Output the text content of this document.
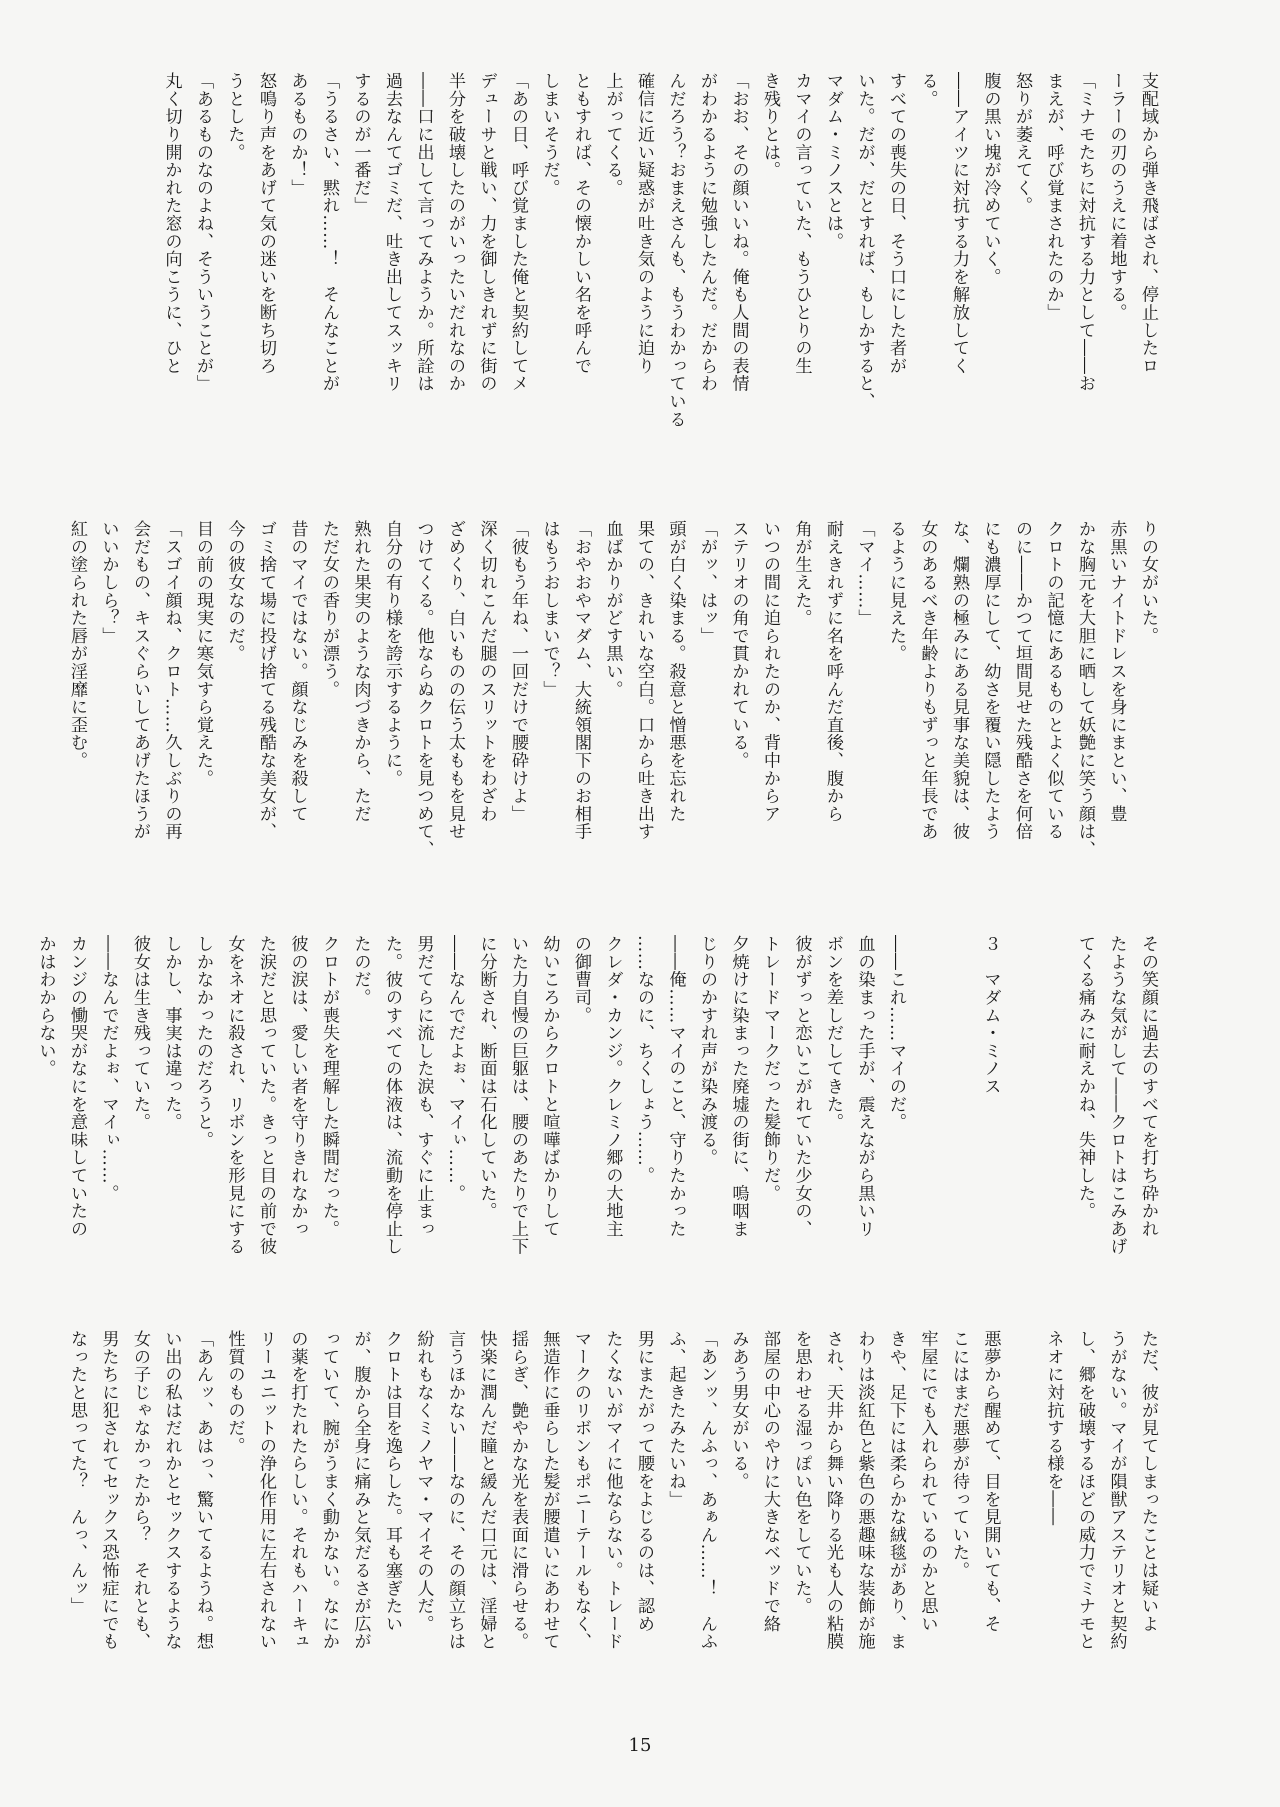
支配域から弾き飛ばされ、停止したロ
ーラーの刃のうえに着地する。
「ミナモたちに対抗する力として――お
まえが、呼び覚まされたのか」
怒りが萎えてく。
腹の黒い塊が冷めていく。
――アイツに対抗する力を解放してく
る。
すべての喪失の日、そう口にした者が
いた。だが、だとすれば、もしかすると、
マダム・ミノスとは。
カマイの言っていた、もうひとりの生
き残りとは。
「おお、その顔いいね。俺も人間の表情
がわかるように勉強したんだ。だからわ
んだろう？おまえさんも、もうわかっている
確信に近い疑惑が吐き気のように迫り
上がってくる。
ともすれば、その懐かしい名を呼んで
しまいそうだ。
「あの日、呼び覚ました俺と契約してメ
デューサと戦い、力を御しきれずに街の
半分を破壊したのがいったいだれなのか
――口に出して言ってみようか。所詮は
過去なんてゴミだ、吐き出してスッキリ
するのが一番だ」
「うるさい、黙れ……！　そんなことが
あるものか！」
怒鳴り声をあげて気の迷いを断ち切ろ
うとした。
「あるものなのよね、そういうことが」
丸く切り開かれた窓の向こうに、ひと
りの女がいた。
赤黒いナイトドレスを身にまとい、豊
かな胸元を大胆に晒して妖艶に笑う顔は、
クロトの記憶にあるものとよく似ている
のに――かつて垣間見せた残酷さを何倍
にも濃厚にして、幼さを覆い隠したよう
な、爛熟の極みにある見事な美貌は、彼
女のあるべき年齢よりもずっと年長であ
るように見えた。
「マイ……」
耐えきれずに名を呼んだ直後、腹から
角が生えた。
いつの間に迫られたのか、背中からア
ステリオの角で貫かれている。
「がッ、はッ」
頭が白く染まる。殺意と憎悪を忘れた
果ての、きれいな空白。口から吐き出す
血ばかりがどす黒い。
「おやおやマダム、大統領閣下のお相手
はもうおしまいで？」
「彼もう年ね、一回だけで腰砕けよ」
深く切れこんだ腿のスリットをわざわ
ざめくり、白いものの伝う太ももを見せ
つけてくる。他ならぬクロトを見つめて、
自分の有り様を誇示するように。
熟れた果実のような肉づきから、ただ
ただ女の香りが漂う。
昔のマイではない。顔なじみを殺して
ゴミ捨て場に投げ捨てる残酷な美女が、
今の彼女なのだ。
目の前の現実に寒気すら覚えた。
「スゴイ顔ね、クロト……久しぶりの再
会だもの、キスぐらいしてあげたほうが
いいかしら？」
紅の塗られた唇が淫靡に歪む。
その笑顔に過去のすべてを打ち砕かれ
たような気がして――クロトはこみあげ
てくる痛みに耐えかね、失神した。

３　マダム・ミノス

――これ……マイのだ。
血の染まった手が、震えながら黒いリ
ボンを差しだしてきた。
彼がずっと恋いこがれていた少女の、
トレードマークだった髪飾りだ。
夕焼けに染まった廃墟の街に、嗚咽ま
じりのかすれ声が染み渡る。
――俺……マイのこと、守りたかった
……なのに、ちくしょう……。
クレダ・カンジ。クレミノ郷の大地主
の御曹司。
幼いころからクロトと喧嘩ばかりして
いた力自慢の巨躯は、腰のあたりで上下
に分断され、断面は石化していた。
――なんでだよぉ、マイぃ……。
男だてらに流した涙も、すぐに止まっ
た。彼のすべての体液は、流動を停止し
たのだ。
クロトが喪失を理解した瞬間だった。
彼の涙は、愛しい者を守りきれなかっ
た涙だと思っていた。きっと目の前で彼
女をネオに殺され、リボンを形見にする
しかなかったのだろうと。
しかし、事実は違った。
彼女は生き残っていた。
――なんでだよぉ、マイぃ……。
カンジの慟哭がなにを意味していたの
かはわからない。
ただ、彼が見てしまったことは疑いよ
うがない。マイが隕獣アステリオと契約
し、郷を破壊するほどの威力でミナモと
ネオに対抗する様を――

悪夢から醒めて、目を見開いても、そ
こにはまだ悪夢が待っていた。
牢屋にでも入れられているのかと思い
きや、足下には柔らかな絨毯があり、ま
わりは淡紅色と紫色の悪趣味な装飾が施
され、天井から舞い降りる光も人の粘膜
を思わせる湿っぽい色をしていた。
部屋の中心のやけに大きなベッドで絡
みあう男女がいる。
「あンッ、んふっ、あぁん……！　んふ
ふ、起きたみたいね」
男にまたがって腰をよじるのは、認め
たくないがマイに他ならない。トレード
マークのリボンもポニーテールもなく、
無造作に垂らした髪が腰遣いにあわせて
揺らぎ、艶やかな光を表面に滑らせる。
快楽に潤んだ瞳と緩んだ口元は、淫婦と
言うほかない――なのに、その顔立ちは
紛れもなくミノヤマ・マイその人だ。
クロトは目を逸らした。耳も塞ぎたい
が、腹から全身に痛みと気だるさが広が
っていて、腕がうまく動かない。なにか
の薬を打たれたらしい。それもハーキュ
リーユニットの浄化作用に左右されない
性質のものだ。
「あんッ、あはっ、驚いてるようね。想
い出の私はだれかとセックスするような
女の子じゃなかったから？　それとも、
男たちに犯されてセックス恐怖症にでも
なったと思ってた？　んっ、んッ」
15
